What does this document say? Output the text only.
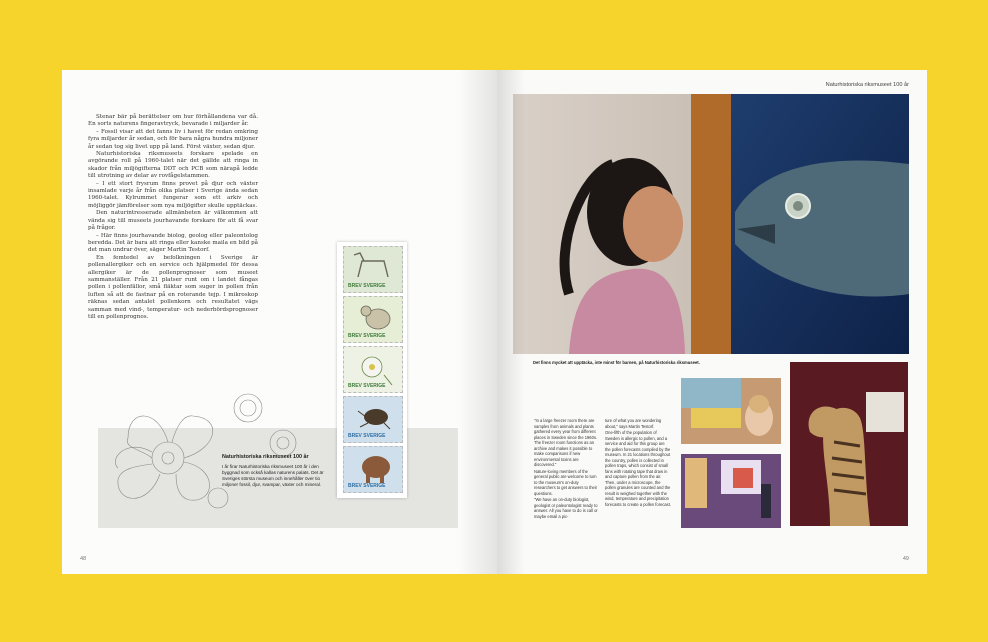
Stenar bär på berättelser om hur förhållandena var då. En sorts naturens fingeravtryck, bevarade i miljarder år.

– Fossil visar att det fanns liv i havet för redan omkring fyra miljarder år sedan, och för bara några hundra miljoner år sedan tog sig livet upp på land. Först växter, sedan djur.

Naturhistoriska riksmuseets forskare spelade en avgörande roll på 1960-talet när det gällde att ringa in skador från miljögifterna DDT och PCB som närapå ledde till utrotning av delar av rovfågelstammen.

– I ett stort frysrum finns provet på djur och växter insamlade varje år från olika platser i Sverige ända sedan 1960-talet. Kylrummet fungerar som ett arkiv och möjliggör jämförelser som nya miljögifter skulle upptäckas.

Den naturintresserade allmänheten är välkommen att vända sig till museets jourhavande forskare för att få svar på frågor.

– Här finns jourhavande biolog, geolog eller paleontolog beredda. Det är bara att ringa eller kanske maila en bild på det man undrar över, säger Martin Testorf.

En femtedel av befolkningen i Sverige är pollenallergiker och en service och hjälpmedel för dessa allergiker är de pollenprognoser som museet sammanställer. Från 21 platser runt om i landet fångas pollen i pollenfällor, små fläktar som suger in pollen från luften så att de fastnar på en roterande tejp. I mikroskop räknas sedan antalet pollenkorn och resultatet vägs samman med vind-, temperatur- och nederbördsprognoser till en pollenprognos.

Naturhistoriska riksmuseet 100 år
I år firar Naturhistoriska riksmuseet 100 år i den byggnad som också kallas naturens palats. Det är Sveriges största museum och innehåller över tio miljoner fossil, djur, svampar, växter och mineral.
BREV SVERIGE
BREV SVERIGE
BREV SVERIGE
BREV SVERIGE
BREV SVERIGE
48
Naturhistoriska riksmuseet 100 år
Det finns mycket att upptäcka, inte minst för barnen, på Naturhistoriska riksmuseet.

"In a large freezer room there are samples from animals and plants gathered every year from different places in Sweden since the 1960s. The freezer room functions as an archive and makes it possible to make comparisons if new environmental toxins are discovered."

Nature-loving members of the general public are welcome to turn to the museum's on-duty researchers to get answers to their questions.

"We have an on-duty biologist, geologist or paleontologist ready to answer. All you have to do is call or maybe email a pic-

ture of what you are wondering about," says Martin Testorf.

One-fifth of the population of Sweden is allergic to pollen, and a service and aid for this group are the pollen forecasts compiled by the museum. In 21 locations throughout the country, pollen is collected in pollen traps, which consist of small fans with rotating tape that draw in and capture pollen from the air. Then, under a microscope, the pollen granules are counted and the result is weighed together with the wind, temperature and precipitation forecasts to create a pollen forecast.

49
